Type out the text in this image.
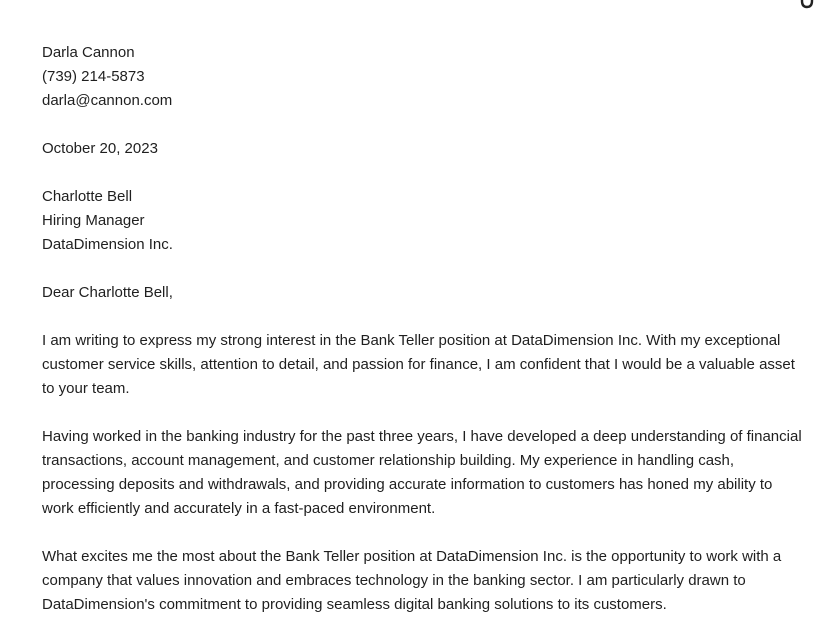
Darla Cannon
(739) 214-5873
darla@cannon.com
October 20, 2023
Charlotte Bell
Hiring Manager
DataDimension Inc.
Dear Charlotte Bell,

I am writing to express my strong interest in the Bank Teller position at DataDimension Inc. With my exceptional customer service skills, attention to detail, and passion for finance, I am confident that I would be a valuable asset to your team.

Having worked in the banking industry for the past three years, I have developed a deep understanding of financial transactions, account management, and customer relationship building. My experience in handling cash, processing deposits and withdrawals, and providing accurate information to customers has honed my ability to work efficiently and accurately in a fast-paced environment.

What excites me the most about the Bank Teller position at DataDimension Inc. is the opportunity to work with a company that values innovation and embraces technology in the banking sector. I am particularly drawn to DataDimension's commitment to providing seamless digital banking solutions to its customers.
